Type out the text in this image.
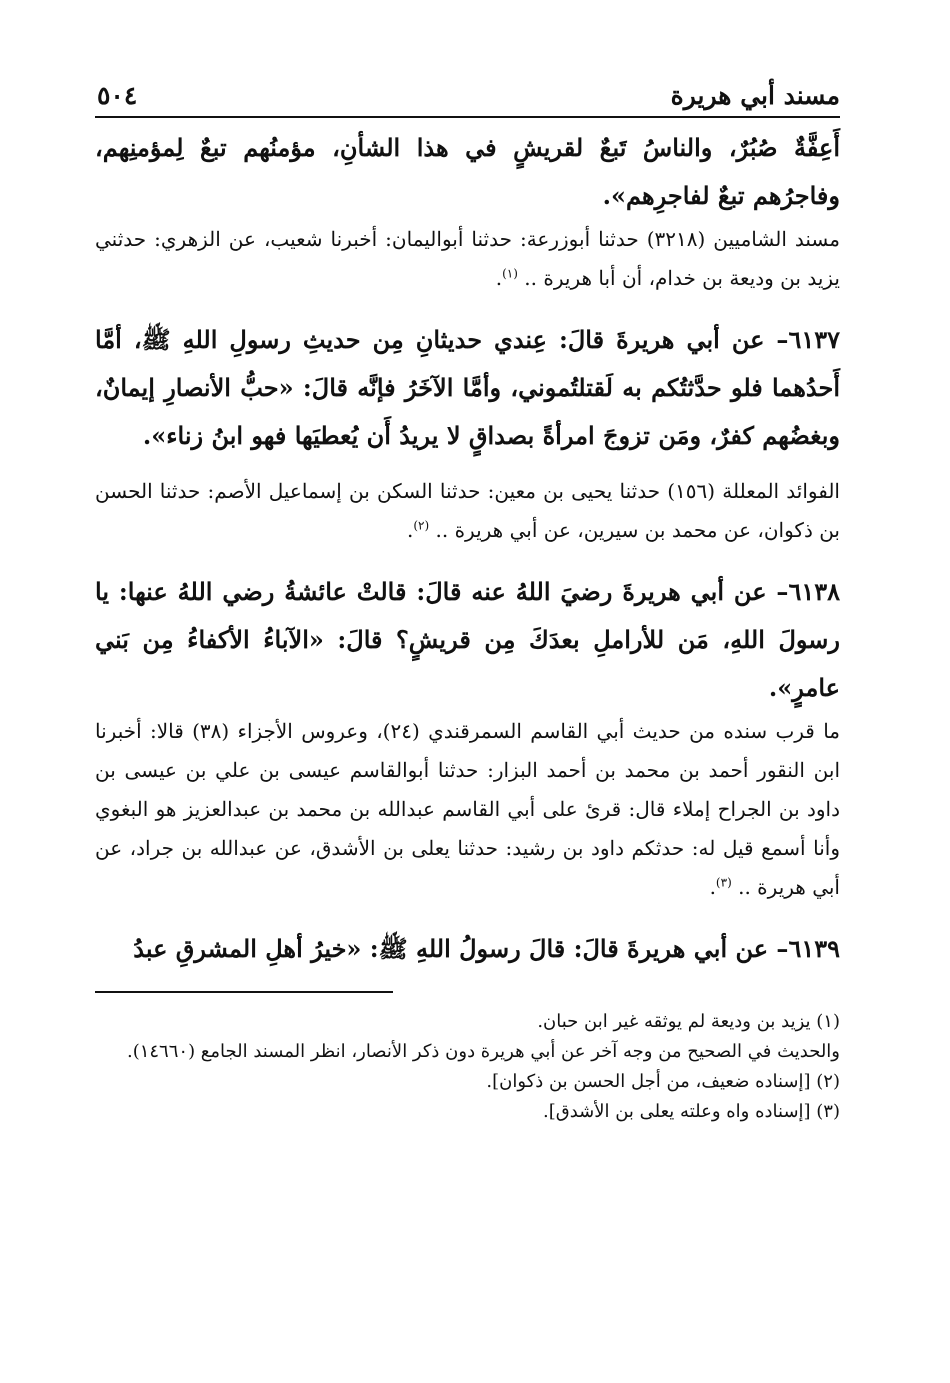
مسند أبي هريرة
٥٠٤

أَعِفَّةٌ صُبُرٌ، والناسُ تَبعٌ لقريشٍ في هذا الشأنِ، مؤمنُهم تبعٌ لِمؤمنِهم، وفاجرُهم تبعٌ لفاجرِهم».

مسند الشاميين (٣٢١٨) حدثنا أبوزرعة: حدثنا أبواليمان: أخبرنا شعيب، عن الزهري: حدثني يزيد بن وديعة بن خدام، أن أبا هريرة .. $^{(١)}$.

٦١٣٧– عن أبي هريرةَ قالَ: عِندي حديثانِ مِن حديثِ رسولِ اللهِ ﷺ، أمَّا أَحدُهما فلو حدَّثتُكم به لَقتلتُموني، وأمَّا الآخَرُ فإنَّه قالَ: «حبُّ الأنصارِ إيمانٌ، وبغضُهم كفرٌ، ومَن تزوجَ امرأةً بصداقٍ لا يريدُ أَن يُعطيَها فهو ابنُ زناء».

الفوائد المعللة (١٥٦) حدثنا يحيى بن معين: حدثنا السكن بن إسماعيل الأصم: حدثنا الحسن بن ذكوان، عن محمد بن سيرين، عن أبي هريرة .. $^{(٢)}$.

٦١٣٨– عن أبي هريرةَ رضيَ اللهُ عنه قالَ: قالتْ عائشةُ رضي اللهُ عنها: يا رسولَ اللهِ، مَن للأراملِ بعدَكَ مِن قريشٍ؟ قالَ: «الآباءُ الأكفاءُ مِن بَني عامرٍ».

ما قرب سنده من حديث أبي القاسم السمرقندي (٢٤)، وعروس الأجزاء (٣٨) قالا: أخبرنا ابن النقور أحمد بن محمد بن أحمد البزار: حدثنا أبوالقاسم عيسى بن علي بن عيسى بن داود بن الجراح إملاء قال: قرئ على أبي القاسم عبدالله بن محمد بن عبدالعزيز هو البغوي وأنا أسمع قيل له: حدثكم داود بن رشيد: حدثنا يعلى بن الأشدق، عن عبدالله بن جراد، عن أبي هريرة .. $^{(٣)}$.

٦١٣٩– عن أبي هريرةَ قالَ: قالَ رسولُ اللهِ ﷺ: «خيرُ أهلِ المشرقِ عبدُ

(١) يزيد بن وديعة لم يوثقه غير ابن حبان.

والحديث في الصحيح من وجه آخر عن أبي هريرة دون ذكر الأنصار، انظر المسند الجامع (١٤٦٦٠).

(٢) [إسناده ضعيف، من أجل الحسن بن ذكوان].

(٣) [إسناده واه وعلته يعلى بن الأشدق].
